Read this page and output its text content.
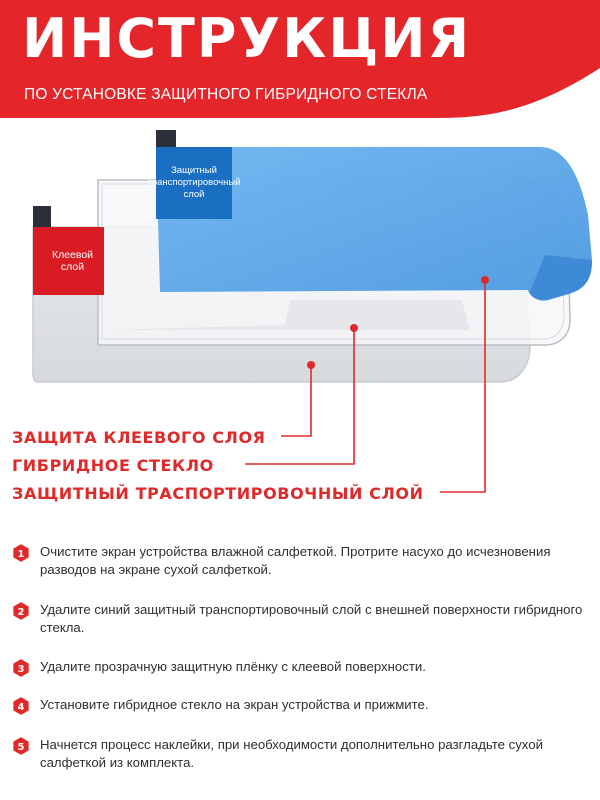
ИНСТРУКЦИЯ
ПО УСТАНОВКЕ ЗАЩИТНОГО ГИБРИДНОГО СТЕКЛА
Защитный транспортировочный слой
Клеевой слой
ЗАЩИТА КЛЕЕВОГО СЛОЯ
ГИБРИДНОЕ СТЕКЛО
ЗАЩИТНЫЙ ТРАСПОРТИРОВОЧНЫЙ СЛОЙ
1 Очистите экран устройства влажной салфеткой. Протрите насухо до исчезновения разводов на экране сухой салфеткой.
2 Удалите синий защитный транспортировочный слой с внешней поверхности гибридного стекла.
3 Удалите прозрачную защитную плёнку с клеевой поверхности.
4 Установите гибридное стекло на экран устройства и прижмите.
5 Начнется процесс наклейки, при необходимости дополнительно разгладьте сухой салфеткой из комплекта.
